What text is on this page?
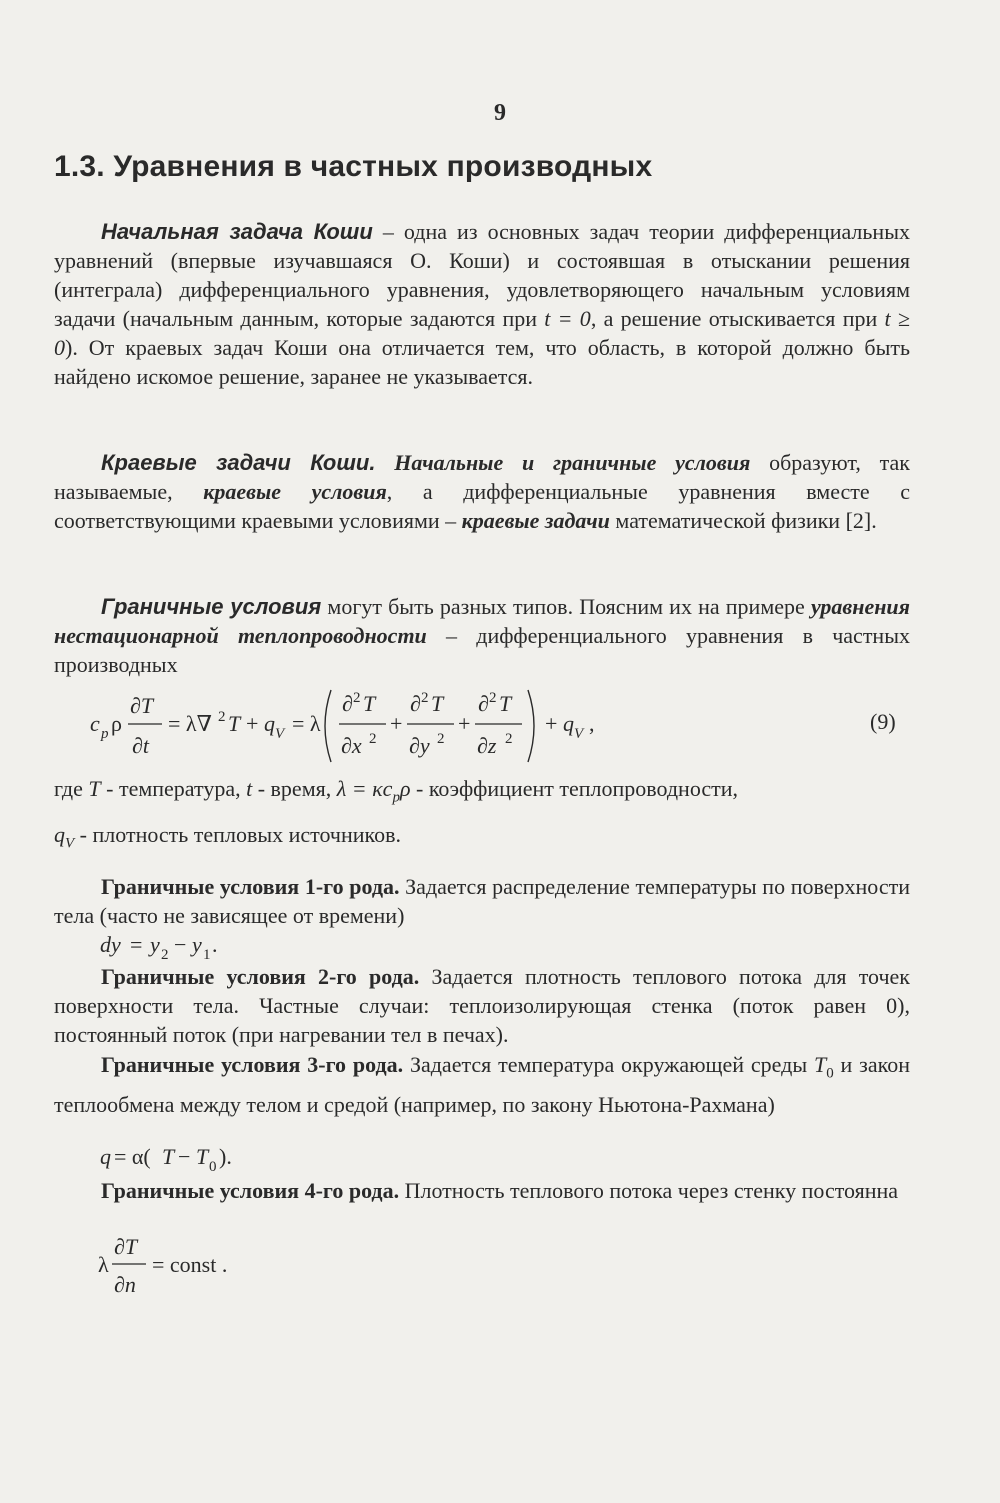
9
1.3. Уравнения в частных производных
Начальная задача Коши – одна из основных задач теории дифференциальных уравнений (впервые изучавшаяся О. Коши) и состоявшая в отыскании решения (интеграла) дифференциального уравнения, удовлетворяющего начальным условиям задачи (начальным данным, которые задаются при t = 0, а решение отыскивается при t ≥ 0). От краевых задач Коши она отличается тем, что область, в которой должно быть найдено искомое решение, заранее не указывается.
Краевые задачи Коши. Начальные и граничные условия образуют, так называемые, краевые условия, а дифференциальные уравнения вместе с соответствующими краевыми условиями – краевые задачи математической физики [2].
Граничные условия могут быть разных типов. Поясним их на примере уравнения нестационарной теплопроводности – дифференциального уравнения в частных производных
c p ρ
∂T
∂t
= λ∇ 2 T + q V = λ
∂ 2 T
∂x 2
+
∂ 2 T
∂y 2
+
∂ 2 T
∂z 2
+ q V ,	(9)
где T - температура, t - время, $\lambda = \kappa c_p\rho$ - коэффициент теплопроводности,
$q_V$ - плотность тепловых источников.
Граничные условия 1-го рода. Задается распределение температуры по поверхности тела (часто не зависящее от времени)
dy = y 2 − y 1 .
Граничные условия 2-го рода. Задается плотность теплового потока для точек поверхности тела. Частные случаи: теплоизолирующая стенка (поток равен 0), постоянный поток (при нагревании тел в печах).
Граничные условия 3-го рода. Задается температура окружающей среды $T_0$ и закон теплообмена между телом и средой (например, по закону Ньютона-Рахмана)
q = α( T − T 0 ).
Граничные условия 4-го рода. Плотность теплового потока через стенку постоянна
λ
∂T
∂n
= const .
